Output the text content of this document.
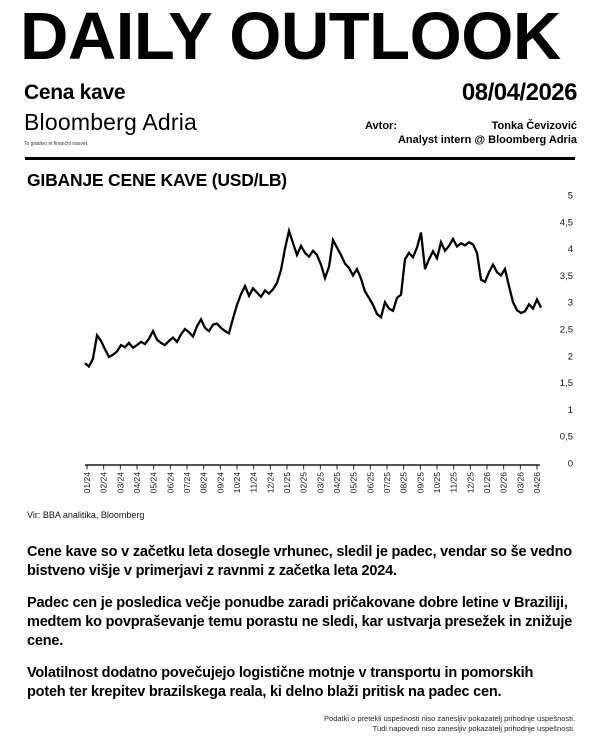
DAILY OUTLOOK
Cena kave	08/04/2026
Bloomberg Adria	Avtor:	Tonka Čevizović
Analyst intern @ Bloomberg Adria
To gradivo ni finančni nasvet.
GIBANJE CENE KAVE (USD/LB)
01/24 02/24 03/24 04/24 05/24 06/24 07/24 08/24 09/24 10/24 11/24 12/24 01/25 02/25 03/25 04/25 05/25 06/25 07/25 08/25 09/25 10/25 11/25 12/25 01/26 02/26 03/26 04/26
0
0,5
1
1,5
2
2,5
3
3,5
4
4,5
5
Vir: BBA analitika, Bloomberg

Cene kave so v začetku leta dosegle vrhunec, sledil je padec, vendar so še vedno bistveno višje v primerjavi z ravnmi z začetka leta 2024.

Padec cen je posledica večje ponudbe zaradi pričakovane dobre letine v Braziliji, medtem ko povpraševanje temu porastu ne sledi, kar ustvarja presežek in znižuje cene.

Volatilnost dodatno povečujejo logistične motnje v transportu in pomorskih poteh ter krepitev brazilskega reala, ki delno blaži pritisk na padec cen.

Podatki o pretekli uspešnosti niso zanesljiv pokazatelj prihodnje uspešnosti.
Tudi napovedi niso zanesljiv pokazatelj prihodnje uspešnosti.
